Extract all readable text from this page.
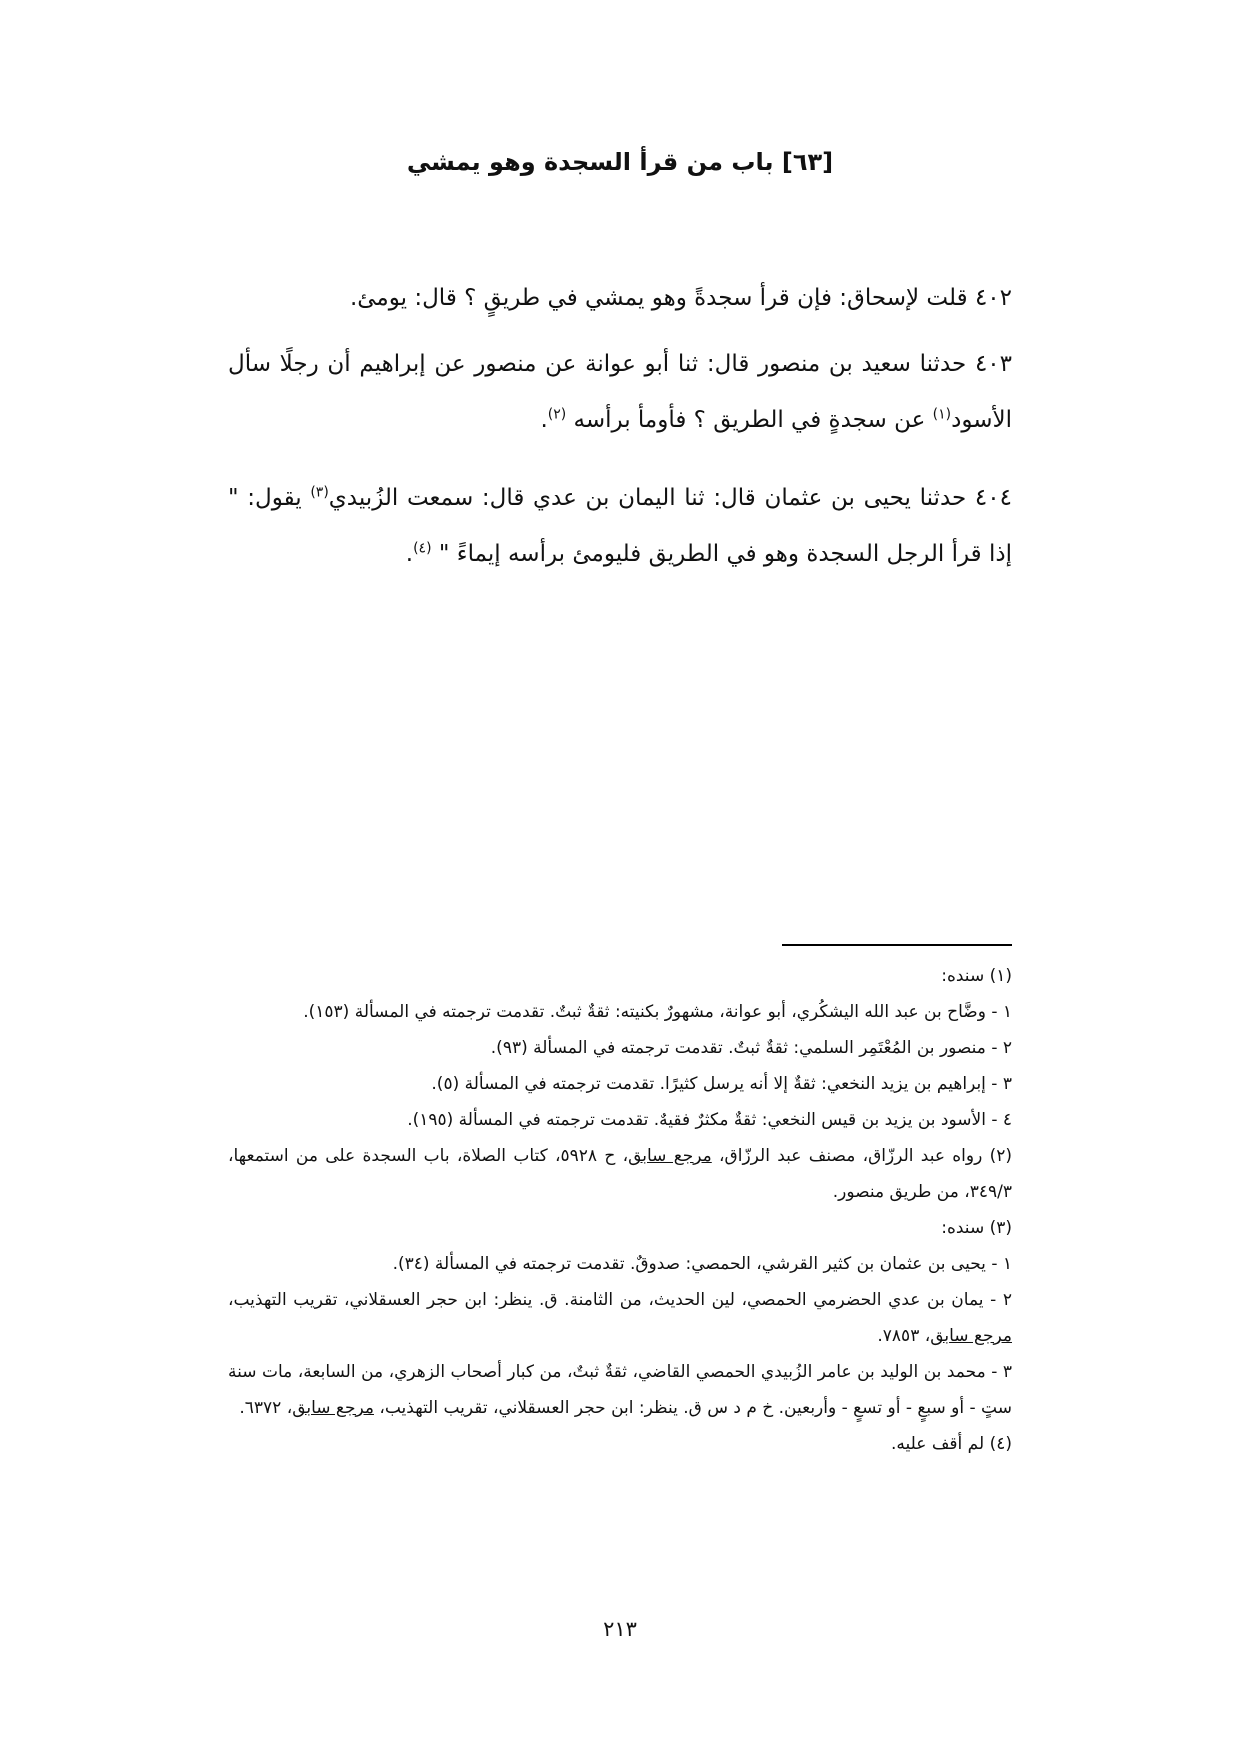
[٦٣] باب من قرأ السجدة وهو يمشي
٤٠٢ قلت لإسحاق: فإن قرأ سجدةً وهو يمشي في طريقٍ ؟ قال: يومئ.
٤٠٣ حدثنا سعيد بن منصور قال: ثنا أبو عوانة عن منصور عن إبراهيم أن رجلًا سأل الأسود$^{(١)}$ عن سجدةٍ في الطريق ؟ فأومأ برأسه $^{(٢)}$.
٤٠٤ حدثنا يحيى بن عثمان قال: ثنا اليمان بن عدي قال: سمعت الزُبيدي$^{(٣)}$ يقول: " إذا قرأ الرجل السجدة وهو في الطريق فليومئ برأسه إيماءً " $^{(٤)}$.

(١) سنده:

١ - وضَّاح بن عبد الله اليشكُري، أبو عوانة، مشهورٌ بكنيته: ثقةٌ ثبتٌ. تقدمت ترجمته في المسألة (١٥٣).

٢ - منصور بن المُعْتَمِر السلمي: ثقةٌ ثبتٌ. تقدمت ترجمته في المسألة (٩٣).

٣ - إبراهيم بن يزيد النخعي: ثقةٌ إلا أنه يرسل كثيرًا. تقدمت ترجمته في المسألة (٥).

٤ - الأسود بن يزيد بن قيس النخعي: ثقةٌ مكثرٌ فقيهٌ. تقدمت ترجمته في المسألة (١٩٥).

(٢) رواه عبد الرزّاق، مصنف عبد الرزّاق، مرجع سابق، ح ٥٩٢٨، كتاب الصلاة، باب السجدة على من استمعها، ٣٤٩/٣، من طريق منصور.

(٣) سنده:

١ - يحيى بن عثمان بن كثير القرشي، الحمصي: صدوقٌ. تقدمت ترجمته في المسألة (٣٤).

٢ - يمان بن عدي الحضرمي الحمصي، لين الحديث، من الثامنة. ق. ينظر: ابن حجر العسقلاني، تقريب التهذيب، مرجع سابق، ٧٨٥٣.

٣ - محمد بن الوليد بن عامر الزُبيدي الحمصي القاضي، ثقةٌ ثبتٌ، من كبار أصحاب الزهري، من السابعة، مات سنة ستٍ - أو سبعٍ - أو تسعٍ - وأربعين. خ م د س ق. ينظر: ابن حجر العسقلاني، تقريب التهذيب، مرجع سابق، ٦٣٧٢.

(٤) لم أقف عليه.

٢١٣
